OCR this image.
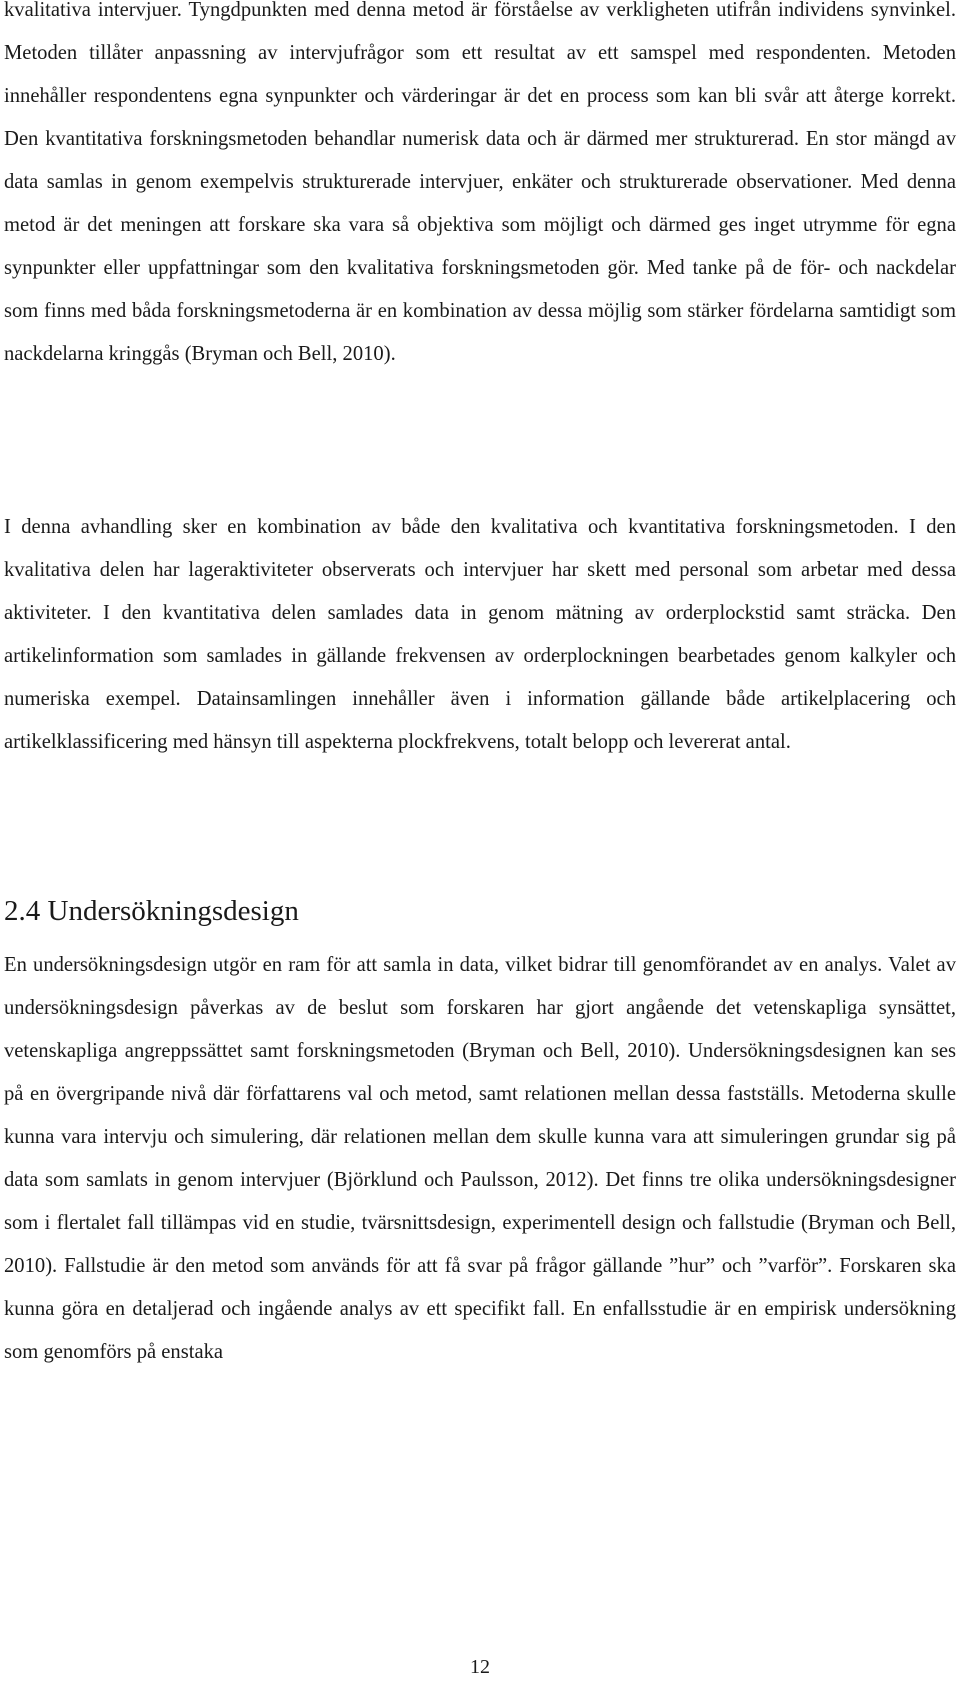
kvalitativa intervjuer. Tyngdpunkten med denna metod är förståelse av verkligheten utifrån individens synvinkel. Metoden tillåter anpassning av intervjufrågor som ett resultat av ett samspel med respondenten. Metoden innehåller respondentens egna synpunkter och värderingar är det en process som kan bli svår att återge korrekt. Den kvantitativa forskningsmetoden behandlar numerisk data och är därmed mer strukturerad. En stor mängd av data samlas in genom exempelvis strukturerade intervjuer, enkäter och strukturerade observationer. Med denna metod är det meningen att forskare ska vara så objektiva som möjligt och därmed ges inget utrymme för egna synpunkter eller uppfattningar som den kvalitativa forskningsmetoden gör. Med tanke på de för- och nackdelar som finns med båda forskningsmetoderna är en kombination av dessa möjlig som stärker fördelarna samtidigt som nackdelarna kringgås (Bryman och Bell, 2010).

I denna avhandling sker en kombination av både den kvalitativa och kvantitativa forskningsmetoden. I den kvalitativa delen har lageraktiviteter observerats och intervjuer har skett med personal som arbetar med dessa aktiviteter. I den kvantitativa delen samlades data in genom mätning av orderplockstid samt sträcka. Den artikelinformation som samlades in gällande frekvensen av orderplockningen bearbetades genom kalkyler och numeriska exempel. Datainsamlingen innehåller även i information gällande både artikelplacering och artikelklassificering med hänsyn till aspekterna plockfrekvens, totalt belopp och levererat antal.

2.4 Undersökningsdesign

En undersökningsdesign utgör en ram för att samla in data, vilket bidrar till genomförandet av en analys. Valet av undersökningsdesign påverkas av de beslut som forskaren har gjort angående det vetenskapliga synsättet, vetenskapliga angreppssättet samt forskningsmetoden (Bryman och Bell, 2010). Undersökningsdesignen kan ses på en övergripande nivå där författarens val och metod, samt relationen mellan dessa fastställs. Metoderna skulle kunna vara intervju och simulering, där relationen mellan dem skulle kunna vara att simuleringen grundar sig på data som samlats in genom intervjuer (Björklund och Paulsson, 2012). Det finns tre olika undersökningsdesigner som i flertalet fall tillämpas vid en studie, tvärsnittsdesign, experimentell design och fallstudie (Bryman och Bell, 2010). Fallstudie är den metod som används för att få svar på frågor gällande ”hur” och ”varför”. Forskaren ska kunna göra en detaljerad och ingående analys av ett specifikt fall. En enfallsstudie är en empirisk undersökning som genomförs på enstaka

12
